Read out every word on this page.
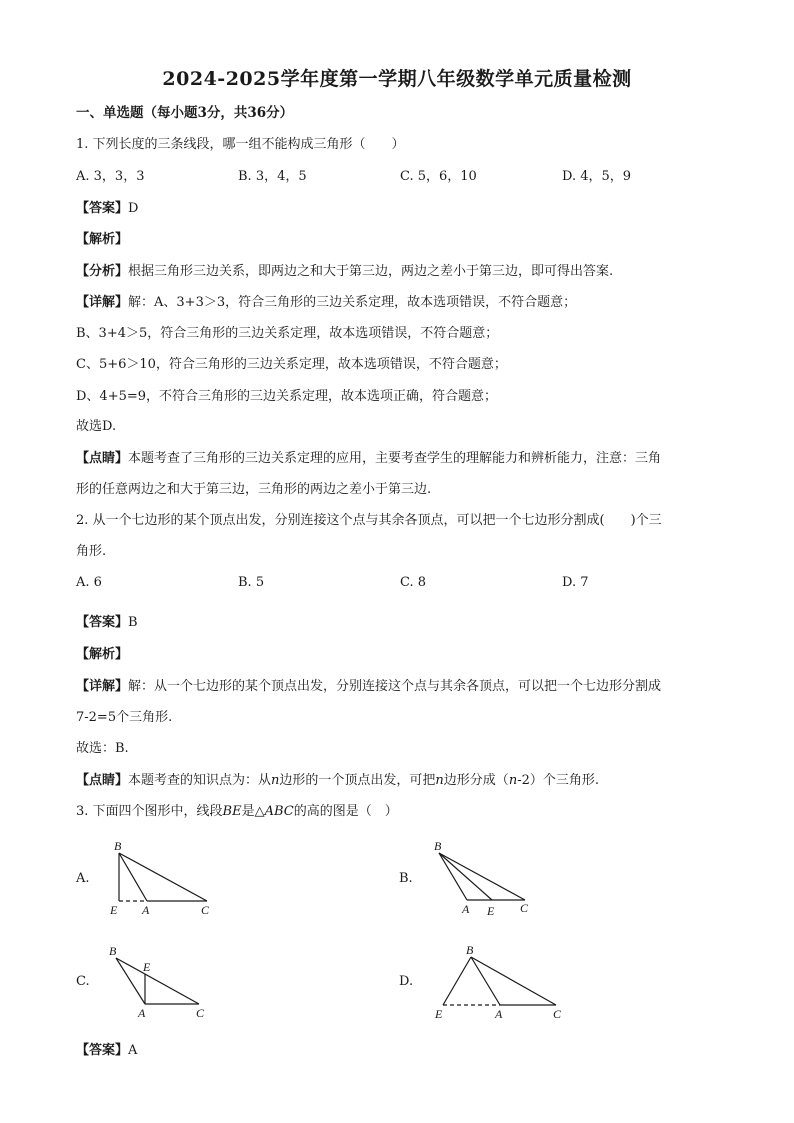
2024-2025学年度第一学期八年级数学单元质量检测
一、单选题（每小题3分，共36分）
1. 下列长度的三条线段，哪一组不能构成三角形（　　）
A. 3，3，3	B. 3，4，5	C. 5，6，10	D. 4，5，9
【答案】D
【解析】
【分析】根据三角形三边关系，即两边之和大于第三边，两边之差小于第三边，即可得出答案.
【详解】解：A、3+3＞3，符合三角形的三边关系定理，故本选项错误，不符合题意；
B、3+4＞5，符合三角形的三边关系定理，故本选项错误，不符合题意；
C、5+6＞10，符合三角形的三边关系定理，故本选项错误，不符合题意；
D、4+5=9，不符合三角形的三边关系定理，故本选项正确，符合题意；
故选D.
【点睛】本题考查了三角形的三边关系定理的应用，主要考查学生的理解能力和辨析能力，注意：三角
形的任意两边之和大于第三边，三角形的两边之差小于第三边.
2. 从一个七边形的某个顶点出发，分别连接这个点与其余各顶点，可以把一个七边形分割成(　　)个三
角形.
A. 6	B. 5	C. 8	D. 7
【答案】B
【解析】
【详解】解：从一个七边形的某个顶点出发，分别连接这个点与其余各顶点，可以把一个七边形分割成
7-2=5个三角形.
故选：B.
【点睛】本题考查的知识点为：从n边形的一个顶点出发，可把n边形分成（n-2）个三角形.
3. 下面四个图形中，线段BE是△ABC的高的图是（　）
A.	B.
C.	D.
B
E A	C
B
A E C
B
E
A	C
B
E	A	C
【答案】A
